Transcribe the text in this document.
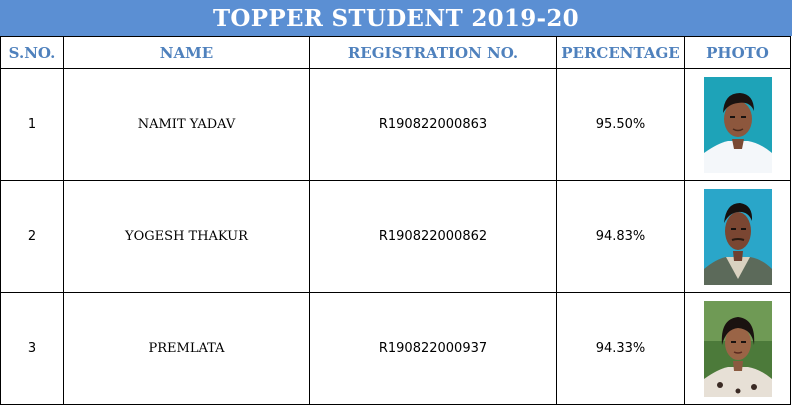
TOPPER STUDENT 2019-20
S.NO.	NAME	REGISTRATION NO.	PERCENTAGE	PHOTO
1	NAMIT YADAV	R190822000863	95.50%	

2	YOGESH THAKUR	R190822000862	94.83%	

3	PREMLATA	R190822000937	94.33%	
